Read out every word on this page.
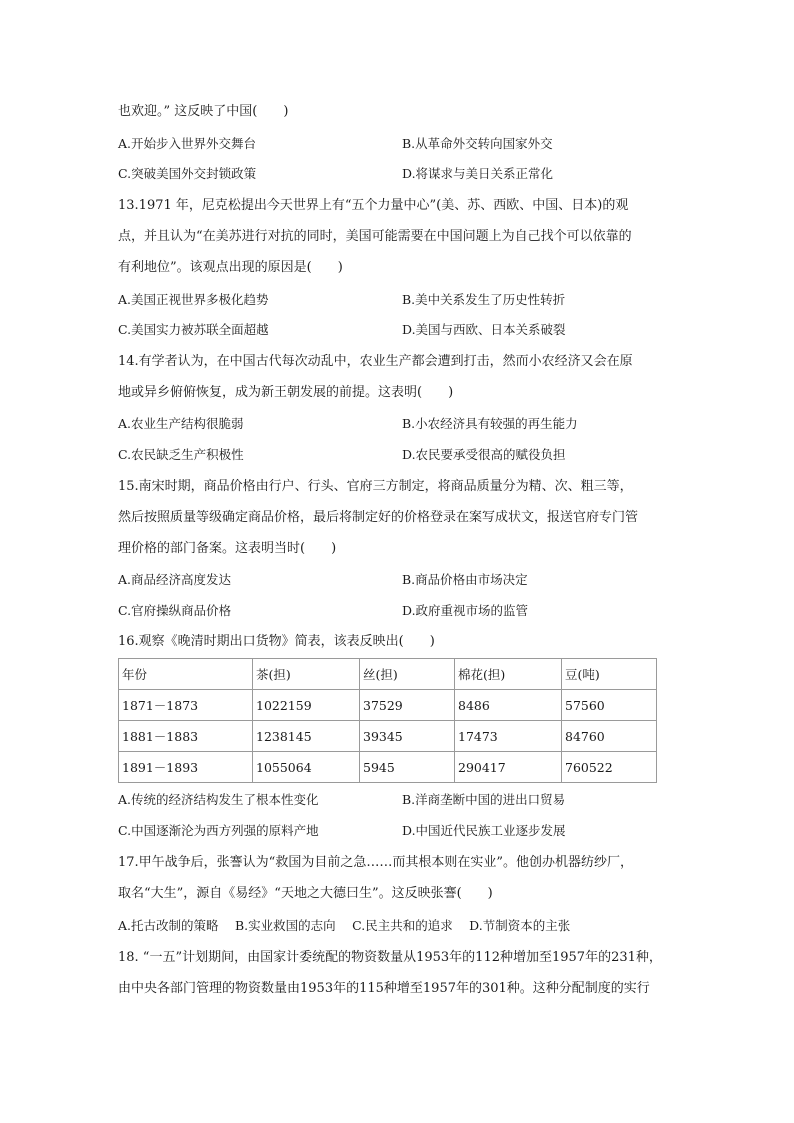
也欢迎。” 这反映了中国(　　)
A.开始步入世界外交舞台	B.从革命外交转向国家外交
C.突破美国外交封锁政策	D.将谋求与美日关系正常化
13.1971 年，尼克松提出今天世界上有“五个力量中心”(美、苏、西欧、中国、日本)的观
点，并且认为“在美苏进行对抗的同时，美国可能需要在中国问题上为自己找个可以依靠的
有利地位”。该观点出现的原因是(　　)
A.美国正视世界多极化趋势	B.美中关系发生了历史性转折
C.美国实力被苏联全面超越	D.美国与西欧、日本关系破裂
14.有学者认为，在中国古代每次动乱中，农业生产都会遭到打击，然而小农经济又会在原
地或异乡俯俯恢复，成为新王朝发展的前提。这表明(　　)
A.农业生产结构很脆弱	B.小农经济具有较强的再生能力
C.农民缺乏生产积极性	D.农民要承受很高的赋役负担
15.南宋时期，商品价格由行户、行头、官府三方制定，将商品质量分为精、次、粗三等，
然后按照质量等级确定商品价格，最后将制定好的价格登录在案写成状文，报送官府专门管
理价格的部门备案。这表明当时(　　)
A.商品经济高度发达	B.商品价格由市场决定
C.官府操纵商品价格	D.政府重视市场的监管
16.观察《晚清时期出口货物》简表，该表反映出(　　)
年份	茶(担)	丝(担)	棉花(担)	豆(吨)
1871－1873	1022159	37529	8486	57560
1881－1883	1238145	39345	17473	84760
1891－1893	1055064	5945	290417	760522
A.传统的经济结构发生了根本性变化	B.洋商垄断中国的进出口贸易
C.中国逐渐沦为西方列强的原料产地	D.中国近代民族工业逐步发展
17.甲午战争后，张謇认为“救国为目前之急……而其根本则在实业”。他创办机器纺纱厂，
取名“大生”，源自《易经》“天地之大德曰生”。这反映张謇(　　)
A.托古改制的策略　 B.实业救国的志向　 C.民主共和的追求　 D.节制资本的主张
18. “一五”计划期间，由国家计委统配的物资数量从1953年的112种增加至1957年的231种，
由中央各部门管理的物资数量由1953年的115种增至1957年的301种。这种分配制度的实行
